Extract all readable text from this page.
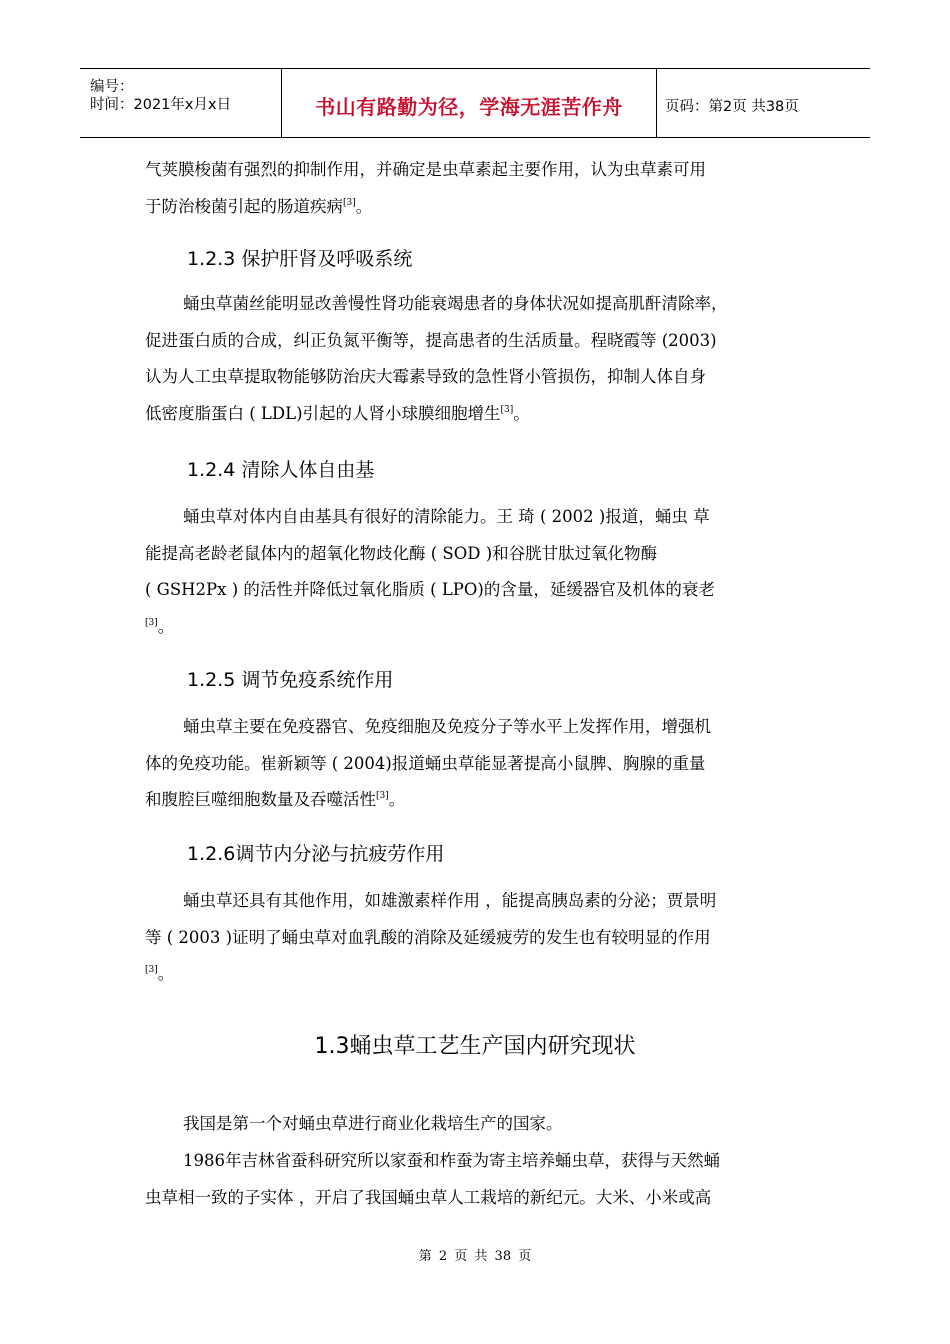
编号：
时间：2021年x月x日	书山有路勤为径，学海无涯苦作舟	页码：第2页 共38页
气荚膜梭菌有强烈的抑制作用，并确定是虫草素起主要作用，认为虫草素可用
于防治梭菌引起的肠道疾病[3]。
1.2.3 保护肝肾及呼吸系统
蛹虫草菌丝能明显改善慢性肾功能衰竭患者的身体状况如提高肌酐清除率，
促进蛋白质的合成，纠正负氮平衡等，提高患者的生活质量。程晓霞等 (2003)
认为人工虫草提取物能够防治庆大霉素导致的急性肾小管损伤，抑制人体自身
低密度脂蛋白 ( LDL)引起的人肾小球膜细胞增生[3]。
1.2.4 清除人体自由基
蛹虫草对体内自由基具有很好的清除能力。王 琦 ( 2002 )报道，蛹虫 草
能提高老龄老鼠体内的超氧化物歧化酶 ( SOD )和谷胱甘肽过氧化物酶
( GSH2Px ) 的活性并降低过氧化脂质 ( LPO)的含量，延缓器官及机体的衰老
[3]。
1.2.5 调节免疫系统作用
蛹虫草主要在免疫器官、免疫细胞及免疫分子等水平上发挥作用，增强机
体的免疫功能。崔新颖等 ( 2004)报道蛹虫草能显著提高小鼠脾、胸腺的重量
和腹腔巨噬细胞数量及吞噬活性[3]。
1.2.6调节内分泌与抗疲劳作用
蛹虫草还具有其他作用，如雄激素样作用 ，能提高胰岛素的分泌；贾景明
等 ( 2003 )证明了蛹虫草对血乳酸的消除及延缓疲劳的发生也有较明显的作用
[3]。
1.3蛹虫草工艺生产国内研究现状
我国是第一个对蛹虫草进行商业化栽培生产的国家。
1986年吉林省蚕科研究所以家蚕和柞蚕为寄主培养蛹虫草，获得与天然蛹
虫草相一致的子实体 ，开启了我国蛹虫草人工栽培的新纪元。大米、小米或高
第 2 页 共 38 页
